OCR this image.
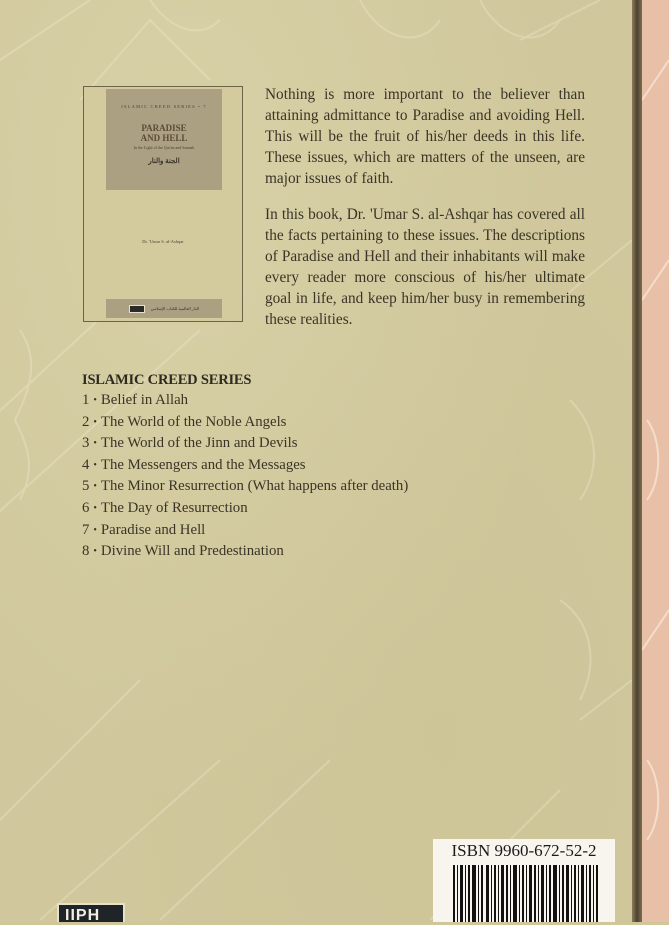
ISLAMIC CREED SERIES • 7
PARADISE
AND HELL
In the Light of the Qur'an and Sunnah
الجنة والنار
Dr. 'Umar S. al-Ashqar
الدار العالمية للكتاب الإسلامي

Nothing is more important to the believer than attaining admittance to Paradise and avoiding Hell. This will be the fruit of his/her deeds in this life. These issues, which are matters of the unseen, are major issues of faith.

In this book, Dr. 'Umar S. al-Ashqar has covered all the facts pertaining to these issues. The descriptions of Paradise and Hell and their inhabitants will make every reader more conscious of his/her ultimate goal in life, and keep him/her busy in remembering these realities.

ISLAMIC CREED SERIES
1 • Belief in Allah
2 • The World of the Noble Angels
3 • The World of the Jinn and Devils
4 • The Messengers and the Messages
5 • The Minor Resurrection (What happens after death)
6 • The Day of Resurrection
7 • Paradise and Hell
8 • Divine Will and Predestination
ISBN 9960-672-52-2
IIPH
